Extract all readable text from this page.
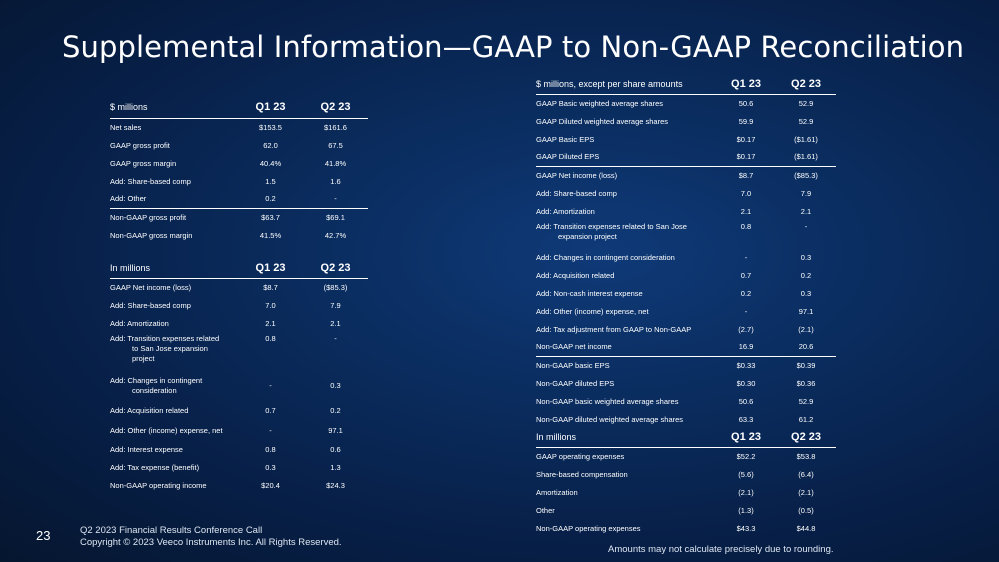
Supplemental Information—GAAP to Non-GAAP Reconciliation
$ millions	Q1 23	Q2 23
Net sales	$153.5	$161.6
GAAP gross profit	62.0	67.5
GAAP gross margin	40.4%	41.8%
Add: Share-based comp	1.5	1.6
Add: Other	0.2	-
Non-GAAP gross profit	$63.7	$69.1
Non-GAAP gross margin	41.5%	42.7%
In millions	Q1 23	Q2 23
GAAP Net income (loss)	$8.7	($85.3)
Add: Share-based comp	7.0	7.9
Add: Amortization	2.1	2.1
Add: Transition expenses related
to San Jose expansion
project	0.8	-
Add: Changes in contingent
consideration	-	0.3
Add: Acquisition related	0.7	0.2
Add: Other (income) expense, net	-	97.1
Add: Interest expense	0.8	0.6
Add: Tax expense (benefit)	0.3	1.3
Non-GAAP operating income	$20.4	$24.3
$ millions, except per share amounts	Q1 23	Q2 23
GAAP Basic weighted average shares	50.6	52.9
GAAP Diluted weighted average shares	59.9	52.9
GAAP Basic EPS	$0.17	($1.61)
GAAP Diluted EPS	$0.17	($1.61)
GAAP Net income (loss)	$8.7	($85.3)
Add: Share-based comp	7.0	7.9
Add: Amortization	2.1	2.1
Add: Transition expenses related to San Jose
expansion project	0.8	-
Add: Changes in contingent consideration	-	0.3
Add: Acquisition related	0.7	0.2
Add: Non-cash interest expense	0.2	0.3
Add: Other (income) expense, net	-	97.1
Add: Tax adjustment from GAAP to Non-GAAP	(2.7)	(2.1)
Non-GAAP net income	16.9	20.6
Non-GAAP basic EPS	$0.33	$0.39
Non-GAAP diluted EPS	$0.30	$0.36
Non-GAAP basic weighted average shares	50.6	52.9
Non-GAAP diluted weighted average shares	63.3	61.2
In millions	Q1 23	Q2 23
GAAP operating expenses	$52.2	$53.8
Share-based compensation	(5.6)	(6.4)
Amortization	(2.1)	(2.1)
Other	(1.3)	(0.5)
Non-GAAP operating expenses	$43.3	$44.8
23	Q2 2023 Financial Results Conference Call
Copyright © 2023 Veeco Instruments Inc. All Rights Reserved.
Amounts may not calculate precisely due to rounding.
